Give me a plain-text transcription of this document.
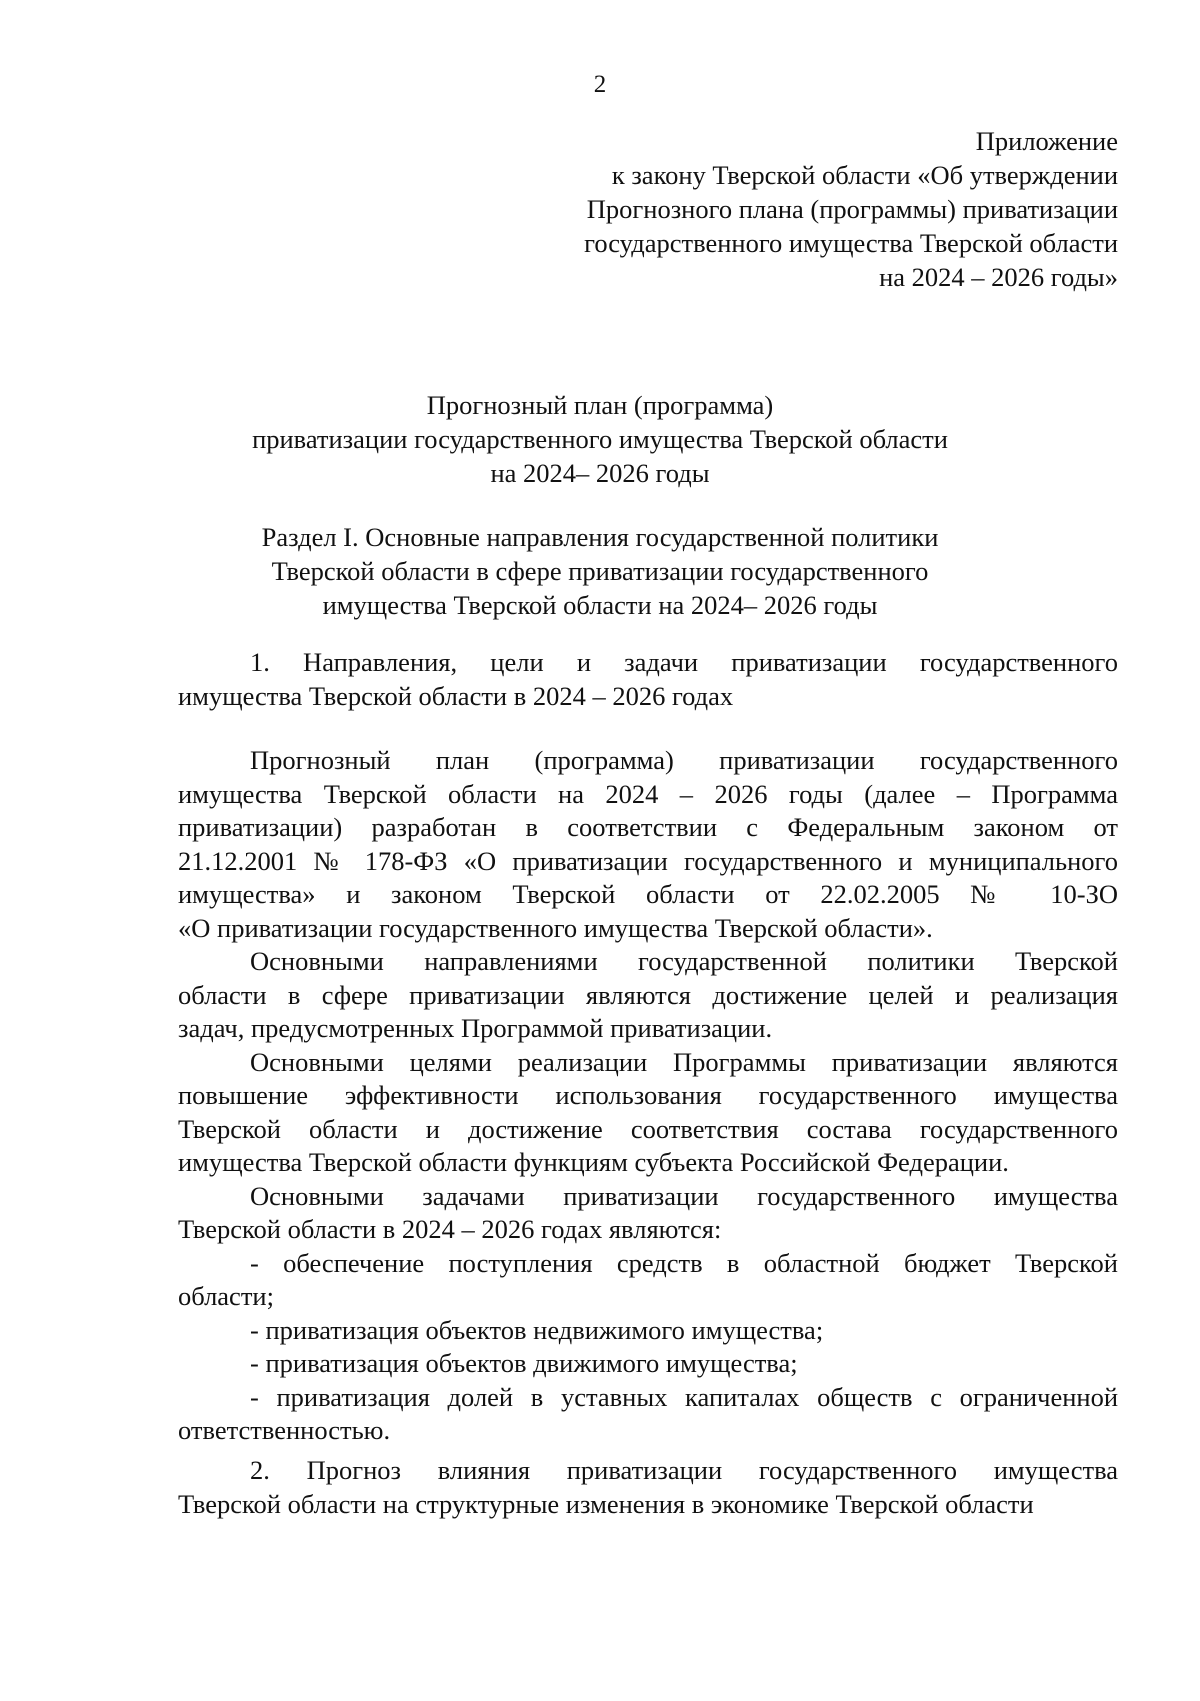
2
Приложение
к закону Тверской области «Об утверждении
Прогнозного плана (программы) приватизации
государственного имущества Тверской области
на 2024 – 2026 годы»
Прогнозный план (программа)
приватизации государственного имущества Тверской области
на 2024– 2026 годы
Раздел I. Основные направления государственной политики
Тверской области в сфере приватизации государственного
имущества Тверской области на 2024– 2026 годы
1. Направления, цели и задачи приватизации государственного
имущества Тверской области в 2024 – 2026 годах
Прогнозный план (программа) приватизации государственного
имущества Тверской области на 2024 – 2026 годы (далее – Программа
приватизации) разработан в соответствии с Федеральным законом от
21.12.2001 № 178-ФЗ «О приватизации государственного и муниципального
имущества» и законом Тверской области от 22.02.2005 № 10-ЗО
«О приватизации государственного имущества Тверской области».
Основными направлениями государственной политики Тверской
области в сфере приватизации являются достижение целей и реализация
задач, предусмотренных Программой приватизации.
Основными целями реализации Программы приватизации являются
повышение эффективности использования государственного имущества
Тверской области и достижение соответствия состава государственного
имущества Тверской области функциям субъекта Российской Федерации.
Основными задачами приватизации государственного имущества
Тверской области в 2024 – 2026 годах являются:
- обеспечение поступления средств в областной бюджет Тверской
области;
- приватизация объектов недвижимого имущества;
- приватизация объектов движимого имущества;
- приватизация долей в уставных капиталах обществ с ограниченной
ответственностью.
2. Прогноз влияния приватизации государственного имущества
Тверской области на структурные изменения в экономике Тверской области
